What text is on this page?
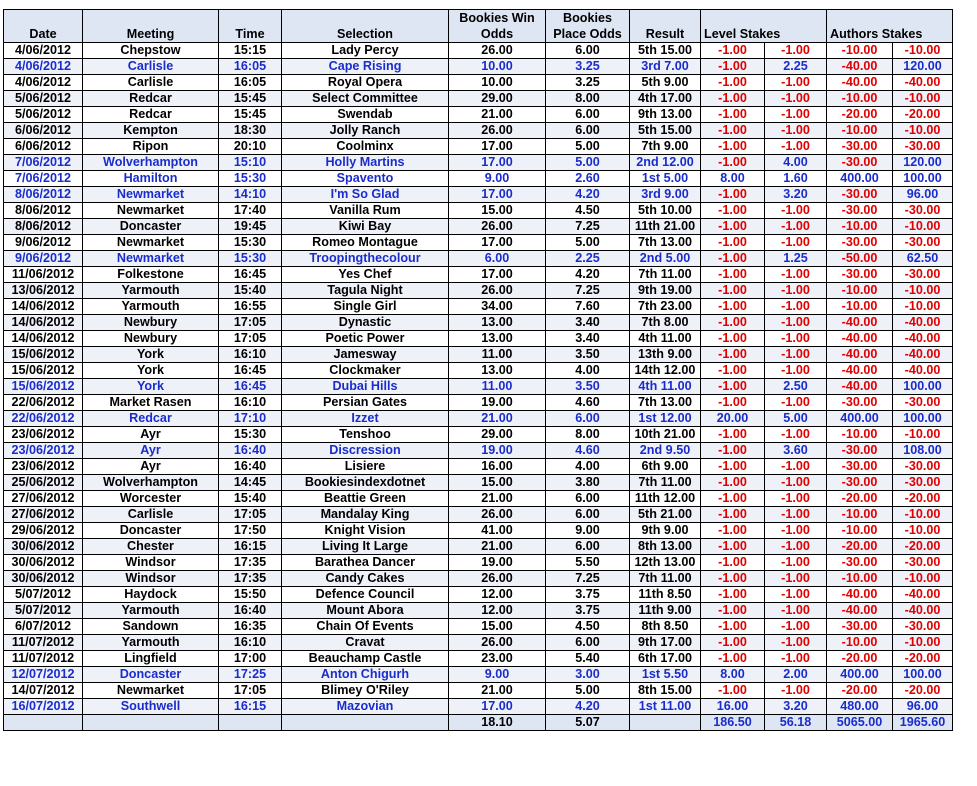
Date	Meeting	Time	Selection	Bookies Win	Bookies	Result	Level Stakes		Authors Stakes	
				Odds	Place Odds					
4/06/2012	Chepstow	15:15	Lady Percy	26.00	6.00	5th 15.00	-1.00	-1.00	-10.00	-10.00
4/06/2012	Carlisle	16:05	Cape Rising	10.00	3.25	3rd 7.00	-1.00	2.25	-40.00	120.00
4/06/2012	Carlisle	16:05	Royal Opera	10.00	3.25	5th 9.00	-1.00	-1.00	-40.00	-40.00
5/06/2012	Redcar	15:45	Select Committee	29.00	8.00	4th 17.00	-1.00	-1.00	-10.00	-10.00
5/06/2012	Redcar	15:45	Swendab	21.00	6.00	9th 13.00	-1.00	-1.00	-20.00	-20.00
6/06/2012	Kempton	18:30	Jolly Ranch	26.00	6.00	5th 15.00	-1.00	-1.00	-10.00	-10.00
6/06/2012	Ripon	20:10	Coolminx	17.00	5.00	7th 9.00	-1.00	-1.00	-30.00	-30.00
7/06/2012	Wolverhampton	15:10	Holly Martins	17.00	5.00	2nd 12.00	-1.00	4.00	-30.00	120.00
7/06/2012	Hamilton	15:30	Spavento	9.00	2.60	1st 5.00	8.00	1.60	400.00	100.00
8/06/2012	Newmarket	14:10	I'm So Glad	17.00	4.20	3rd 9.00	-1.00	3.20	-30.00	96.00
8/06/2012	Newmarket	17:40	Vanilla Rum	15.00	4.50	5th 10.00	-1.00	-1.00	-30.00	-30.00
8/06/2012	Doncaster	19:45	Kiwi Bay	26.00	7.25	11th 21.00	-1.00	-1.00	-10.00	-10.00
9/06/2012	Newmarket	15:30	Romeo Montague	17.00	5.00	7th 13.00	-1.00	-1.00	-30.00	-30.00
9/06/2012	Newmarket	15:30	Troopingthecolour	6.00	2.25	2nd 5.00	-1.00	1.25	-50.00	62.50
11/06/2012	Folkestone	16:45	Yes Chef	17.00	4.20	7th 11.00	-1.00	-1.00	-30.00	-30.00
13/06/2012	Yarmouth	15:40	Tagula Night	26.00	7.25	9th 19.00	-1.00	-1.00	-10.00	-10.00
14/06/2012	Yarmouth	16:55	Single Girl	34.00	7.60	7th 23.00	-1.00	-1.00	-10.00	-10.00
14/06/2012	Newbury	17:05	Dynastic	13.00	3.40	7th 8.00	-1.00	-1.00	-40.00	-40.00
14/06/2012	Newbury	17:05	Poetic Power	13.00	3.40	4th 11.00	-1.00	-1.00	-40.00	-40.00
15/06/2012	York	16:10	Jamesway	11.00	3.50	13th 9.00	-1.00	-1.00	-40.00	-40.00
15/06/2012	York	16:45	Clockmaker	13.00	4.00	14th 12.00	-1.00	-1.00	-40.00	-40.00
15/06/2012	York	16:45	Dubai Hills	11.00	3.50	4th 11.00	-1.00	2.50	-40.00	100.00
22/06/2012	Market Rasen	16:10	Persian Gates	19.00	4.60	7th 13.00	-1.00	-1.00	-30.00	-30.00
22/06/2012	Redcar	17:10	Izzet	21.00	6.00	1st 12.00	20.00	5.00	400.00	100.00
23/06/2012	Ayr	15:30	Tenshoo	29.00	8.00	10th 21.00	-1.00	-1.00	-10.00	-10.00
23/06/2012	Ayr	16:40	Discression	19.00	4.60	2nd 9.50	-1.00	3.60	-30.00	108.00
23/06/2012	Ayr	16:40	Lisiere	16.00	4.00	6th 9.00	-1.00	-1.00	-30.00	-30.00
25/06/2012	Wolverhampton	14:45	Bookiesindexdotnet	15.00	3.80	7th 11.00	-1.00	-1.00	-30.00	-30.00
27/06/2012	Worcester	15:40	Beattie Green	21.00	6.00	11th 12.00	-1.00	-1.00	-20.00	-20.00
27/06/2012	Carlisle	17:05	Mandalay King	26.00	6.00	5th 21.00	-1.00	-1.00	-10.00	-10.00
29/06/2012	Doncaster	17:50	Knight Vision	41.00	9.00	9th 9.00	-1.00	-1.00	-10.00	-10.00
30/06/2012	Chester	16:15	Living It Large	21.00	6.00	8th 13.00	-1.00	-1.00	-20.00	-20.00
30/06/2012	Windsor	17:35	Barathea Dancer	19.00	5.50	12th 13.00	-1.00	-1.00	-30.00	-30.00
30/06/2012	Windsor	17:35	Candy Cakes	26.00	7.25	7th 11.00	-1.00	-1.00	-10.00	-10.00
5/07/2012	Haydock	15:50	Defence Council	12.00	3.75	11th 8.50	-1.00	-1.00	-40.00	-40.00
5/07/2012	Yarmouth	16:40	Mount Abora	12.00	3.75	11th 9.00	-1.00	-1.00	-40.00	-40.00
6/07/2012	Sandown	16:35	Chain Of Events	15.00	4.50	8th 8.50	-1.00	-1.00	-30.00	-30.00
11/07/2012	Yarmouth	16:10	Cravat	26.00	6.00	9th 17.00	-1.00	-1.00	-10.00	-10.00
11/07/2012	Lingfield	17:00	Beauchamp Castle	23.00	5.40	6th 17.00	-1.00	-1.00	-20.00	-20.00
12/07/2012	Doncaster	17:25	Anton Chigurh	9.00	3.00	1st 5.50	8.00	2.00	400.00	100.00
14/07/2012	Newmarket	17:05	Blimey O'Riley	21.00	5.00	8th 15.00	-1.00	-1.00	-20.00	-20.00
16/07/2012	Southwell	16:15	Mazovian	17.00	4.20	1st 11.00	16.00	3.20	480.00	96.00
				18.10	5.07		186.50	56.18	5065.00	1965.60
